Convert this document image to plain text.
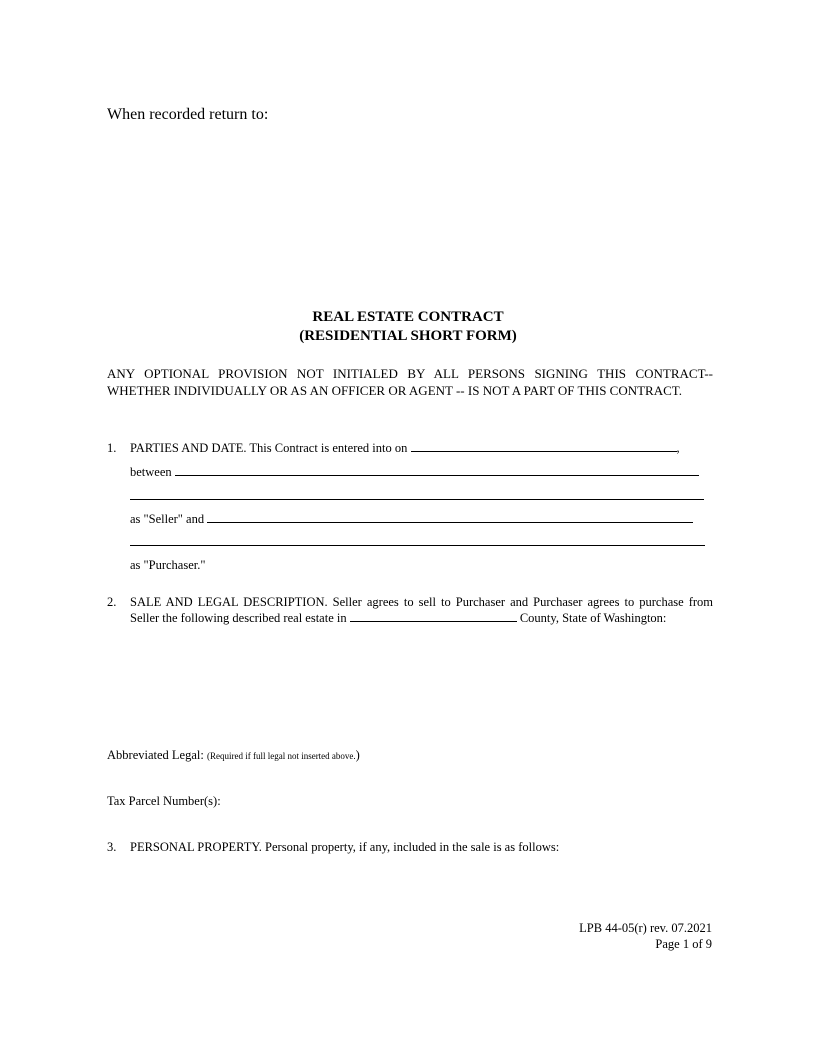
When recorded return to:
REAL ESTATE CONTRACT
(RESIDENTIAL SHORT FORM)
ANY OPTIONAL PROVISION NOT INITIALED BY ALL PERSONS SIGNING THIS CONTRACT--
WHETHER INDIVIDUALLY OR AS AN OFFICER OR AGENT -- IS NOT A PART OF THIS CONTRACT.
1. PARTIES AND DATE. This Contract is entered into on	,
between
as "Seller" and
as "Purchaser."
2. SALE AND LEGAL DESCRIPTION. Seller agrees to sell to Purchaser and Purchaser agrees to purchase from
Seller the following described real estate in	County, State of Washington:
Abbreviated Legal: (Required if full legal not inserted above.)
Tax Parcel Number(s):
3. PERSONAL PROPERTY. Personal property, if any, included in the sale is as follows:
LPB 44-05(r) rev. 07.2021
Page 1 of 9
